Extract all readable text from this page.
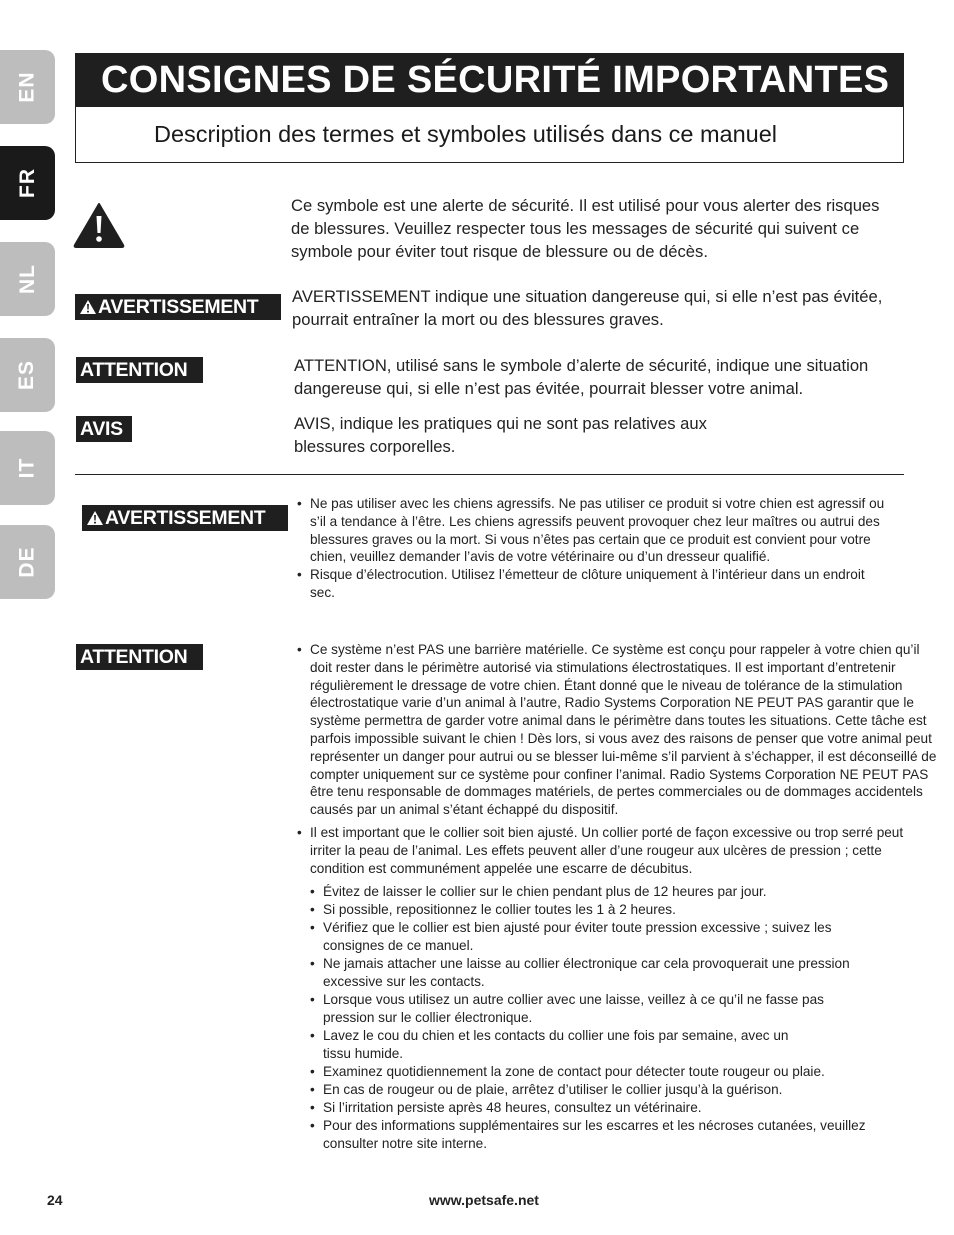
EN
FR
NL
ES
IT
DE
CONSIGNES DE SÉCURITÉ IMPORTANTES
Description des termes et symboles utilisés dans ce manuel
Ce symbole est une alerte de sécurité. Il est utilisé pour vous alerter des risques de blessures. Veuillez respecter tous les messages de sécurité qui suivent ce symbole pour éviter tout risque de blessure ou de décès.
AVERTISSEMENT AVERTISSEMENT indique une situation dangereuse qui, si elle n’est pas évitée, pourrait entraîner la mort ou des blessures graves.
ATTENTION	ATTENTION, utilisé sans le symbole d’alerte de sécurité, indique une situation dangereuse qui, si elle n’est pas évitée, pourrait blesser votre animal.
AVIS	AVIS, indique les pratiques qui ne sont pas relatives aux blessures corporelles.
AVERTISSEMENT
• Ne pas utiliser avec les chiens agressifs. Ne pas utiliser ce produit si votre chien est agressif ou s’il a tendance à l’être. Les chiens agressifs peuvent provoquer chez leur maîtres ou autrui des blessures graves ou la mort. Si vous n’êtes pas certain que ce produit est convient pour votre chien, veuillez demander l’avis de votre vétérinaire ou d’un dresseur qualifié.
• Risque d’électrocution. Utilisez l’émetteur de clôture uniquement à l’intérieur dans un endroit sec.
ATTENTION
•	Ce système n’est PAS une barrière matérielle. Ce système est conçu pour rappeler à votre chien qu’il doit rester dans le périmètre autorisé via stimulations électrostatiques. Il est important d’entretenir régulièrement le dressage de votre chien. Étant donné que le niveau de tolérance de la stimulation électrostatique varie d’un animal à l’autre, Radio Systems Corporation NE PEUT PAS garantir que le système permettra de garder votre animal dans le périmètre dans toutes les situations. Cette tâche est parfois impossible suivant le chien ! Dès lors, si vous avez des raisons de penser que votre animal peut représenter un danger pour autrui ou se blesser lui-même s’il parvient à s’échapper, il est déconseillé de compter uniquement sur ce système pour confiner l’animal. Radio Systems Corporation NE PEUT PAS être tenu responsable de dommages matériels, de pertes commerciales ou de dommages accidentels causés par un animal s’étant échappé du dispositif.
• Il est important que le collier soit bien ajusté. Un collier porté de façon excessive ou trop serré peut irriter la peau de l’animal. Les effets peuvent aller d’une rougeur aux ulcères de pression ; cette condition est communément appelée une escarre de décubitus.
• Évitez de laisser le collier sur le chien pendant plus de 12 heures par jour.
• Si possible, repositionnez le collier toutes les 1 à 2 heures.
• Vérifiez que le collier est bien ajusté pour éviter toute pression excessive ; suivez les consignes de ce manuel.
• Ne jamais attacher une laisse au collier électronique car cela provoquerait une pression excessive sur les contacts.
• Lorsque vous utilisez un autre collier avec une laisse, veillez à ce qu’il ne fasse pas pression sur le collier électronique.
• Lavez le cou du chien et les contacts du collier une fois par semaine, avec un tissu humide.
• Examinez quotidiennement la zone de contact pour détecter toute rougeur ou plaie.
• En cas de rougeur ou de plaie, arrêtez d’utiliser le collier jusqu’à la guérison.
• Si l’irritation persiste après 48 heures, consultez un vétérinaire.
• Pour des informations supplémentaires sur les escarres et les nécroses cutanées, veuillez consulter notre site interne.
24	www.petsafe.net
